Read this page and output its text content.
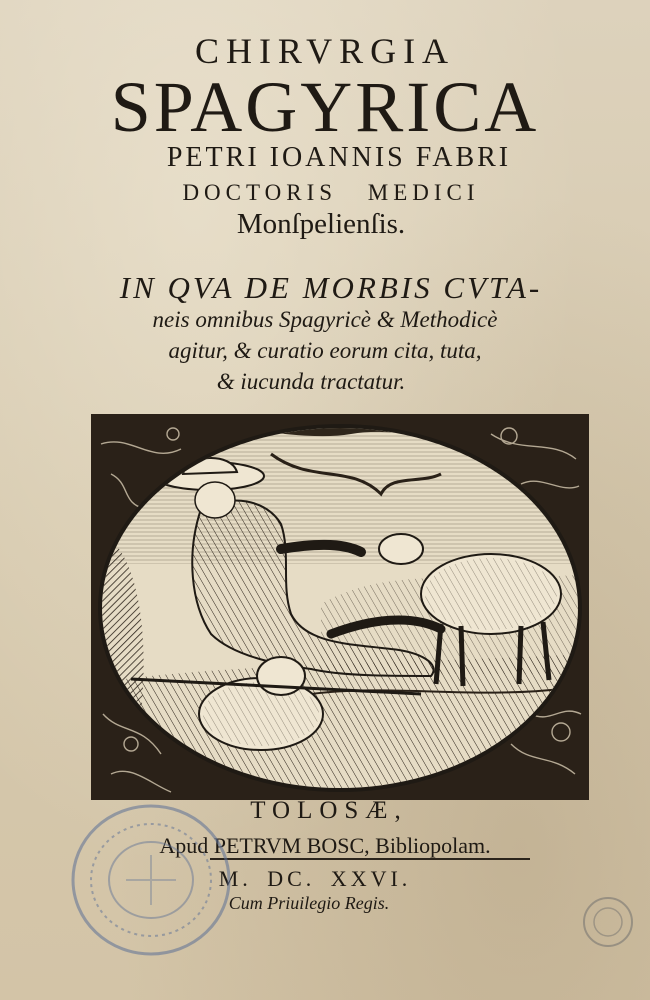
CHIRVRGIA
SPAGYRICA
PETRI IOANNIS FABRI
DOCTORIS MEDICI
Monſpelienſis.
IN QVA DE MORBIS CVTA-
neis omnibus Spagyricè & Methodicè
agitur, & curatio eorum cita, tuta,
& iucunda tractatur.
TOLOSÆ,
Apud PETRVM BOSC, Bibliopolam.
M. DC. XXVI.
Cum Priuilegio Regis.
